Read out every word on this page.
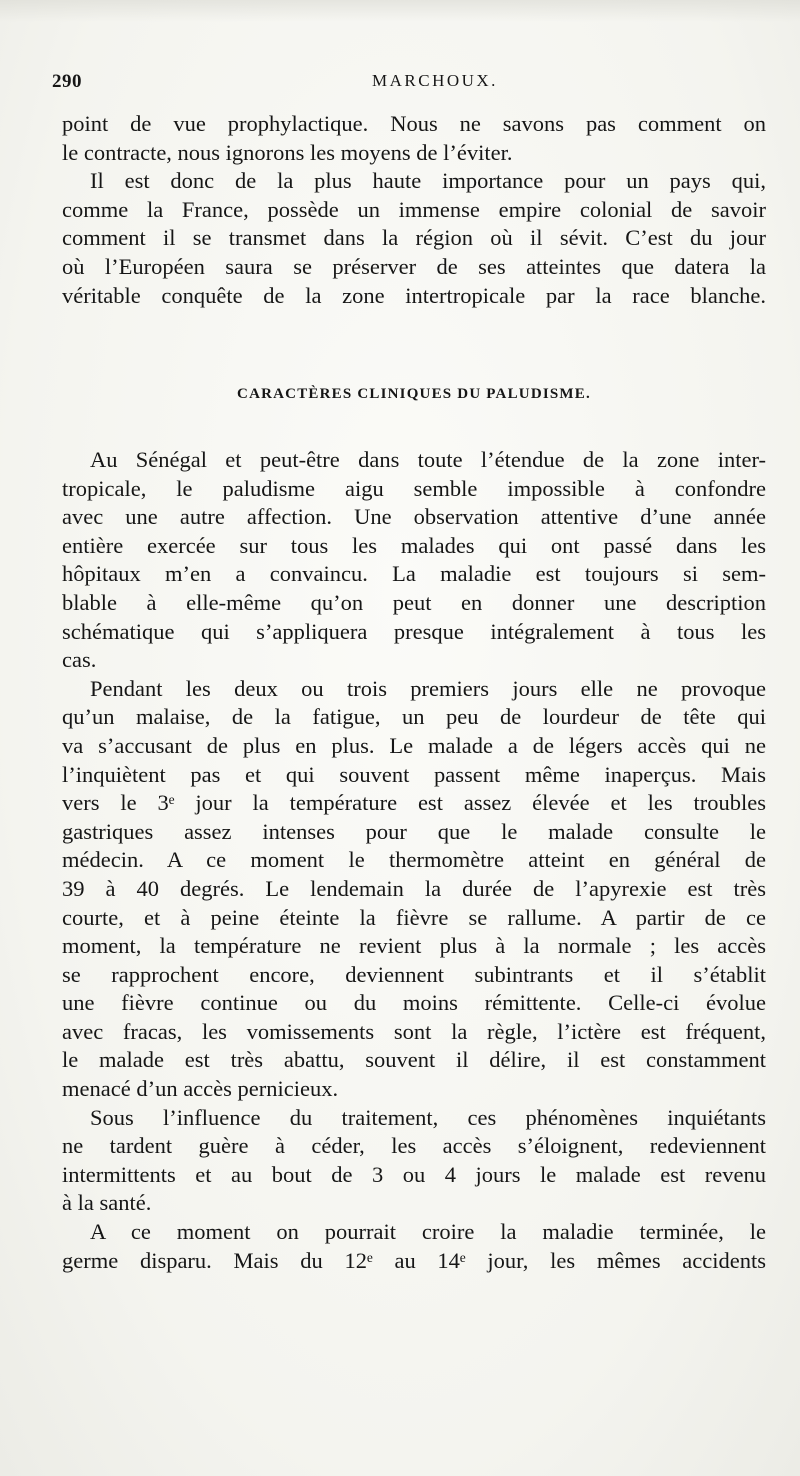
290	MARCHOUX.
point de vue prophylactique. Nous ne savons pas comment on
le contracte, nous ignorons les moyens de l’éviter.
Il est donc de la plus haute importance pour un pays qui,
comme la France, possède un immense empire colonial de savoir
comment il se transmet dans la région où il sévit. C’est du jour
où l’Européen saura se préserver de ses atteintes que datera la
véritable conquête de la zone intertropicale par la race blanche.
CARACTÈRES CLINIQUES DU PALUDISME.
Au Sénégal et peut-être dans toute l’étendue de la zone inter-
tropicale, le paludisme aigu semble impossible à confondre
avec une autre affection. Une observation attentive d’une année
entière exercée sur tous les malades qui ont passé dans les
hôpitaux m’en a convaincu. La maladie est toujours si sem-
blable à elle-même qu’on peut en donner une description
schématique qui s’appliquera presque intégralement à tous les
cas.
Pendant les deux ou trois premiers jours elle ne provoque
qu’un malaise, de la fatigue, un peu de lourdeur de tête qui
va s’accusant de plus en plus. Le malade a de légers accès qui ne
l’inquiètent pas et qui souvent passent même inaperçus. Mais
vers le 3ᵉ jour la température est assez élevée et les troubles
gastriques assez intenses pour que le malade consulte le
médecin. A ce moment le thermomètre atteint en général de
39 à 40 degrés. Le lendemain la durée de l’apyrexie est très
courte, et à peine éteinte la fièvre se rallume. A partir de ce
moment, la température ne revient plus à la normale ; les accès
se rapprochent encore, deviennent subintrants et il s’établit
une fièvre continue ou du moins rémittente. Celle-ci évolue
avec fracas, les vomissements sont la règle, l’ictère est fréquent,
le malade est très abattu, souvent il délire, il est constamment
menacé d’un accès pernicieux.
Sous l’influence du traitement, ces phénomènes inquiétants
ne tardent guère à céder, les accès s’éloignent, redeviennent
intermittents et au bout de 3 ou 4 jours le malade est revenu
à la santé.
A ce moment on pourrait croire la maladie terminée, le
germe disparu. Mais du 12ᵉ au 14ᵉ jour, les mêmes accidents
